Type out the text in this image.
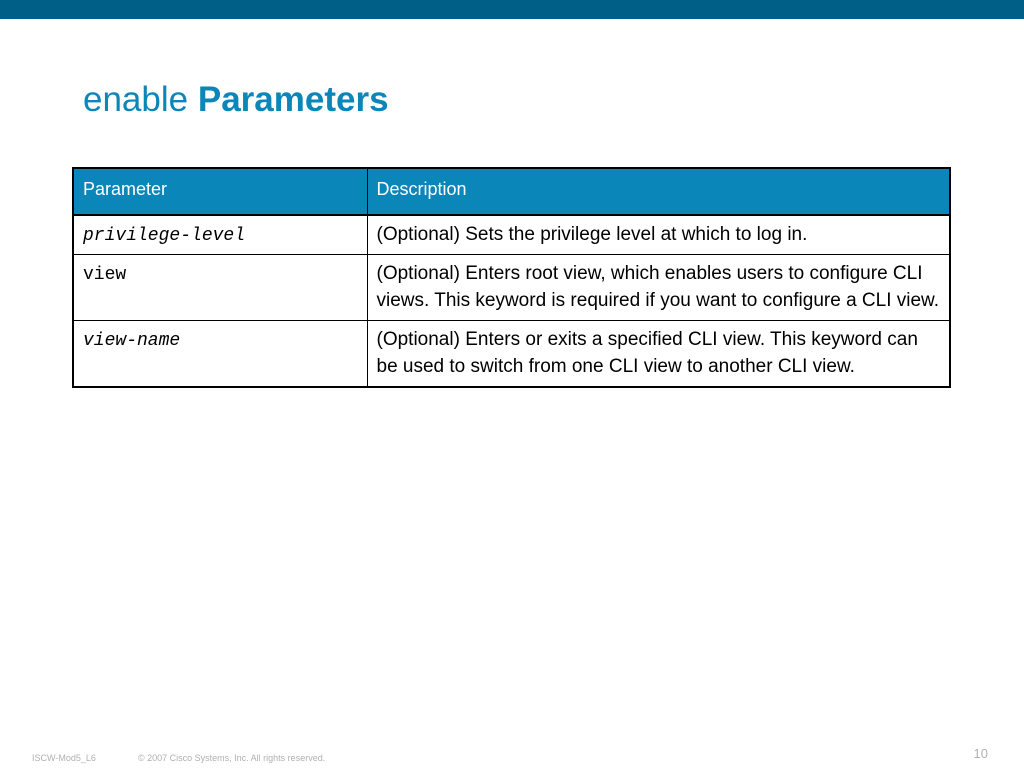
enable Parameters
Parameter	Description
privilege-level	(Optional) Sets the privilege level at which to log in.
view	(Optional) Enters root view, which enables users to configure CLI views. This keyword is required if you want to configure a CLI view.
view-name	(Optional) Enters or exits a specified CLI view. This keyword can be used to switch from one CLI view to another CLI view.
ISCW-Mod5_L6	© 2007 Cisco Systems, Inc. All rights reserved.	10
